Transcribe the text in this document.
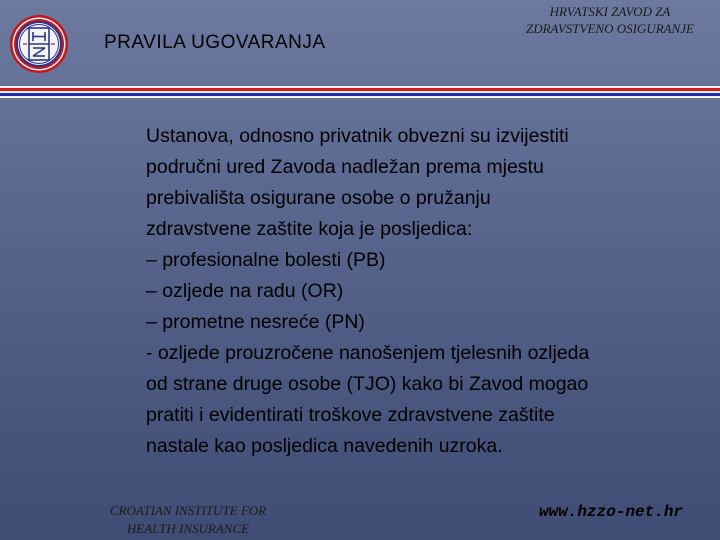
PRAVILA UGOVARANJA
HRVATSKI ZAVOD ZA
ZDRAVSTVENO OSIGURANJE
Ustanova, odnosno privatnik obvezni su izvijestiti
područni ured Zavoda nadležan prema mjestu
prebivališta osigurane osobe o pružanju
zdravstvene zaštite koja je posljedica:
– profesionalne bolesti (PB)
– ozljede na radu (OR)
– prometne nesreće (PN)
- ozljede prouzročene nanošenjem tjelesnih ozljeda
od strane druge osobe (TJO) kako bi Zavod mogao
pratiti i evidentirati troškove zdravstvene zaštite
nastale kao posljedica navedenih uzroka.
CROATIAN INSTITUTE FOR
HEALTH INSURANCE
www.hzzo-net.hr
